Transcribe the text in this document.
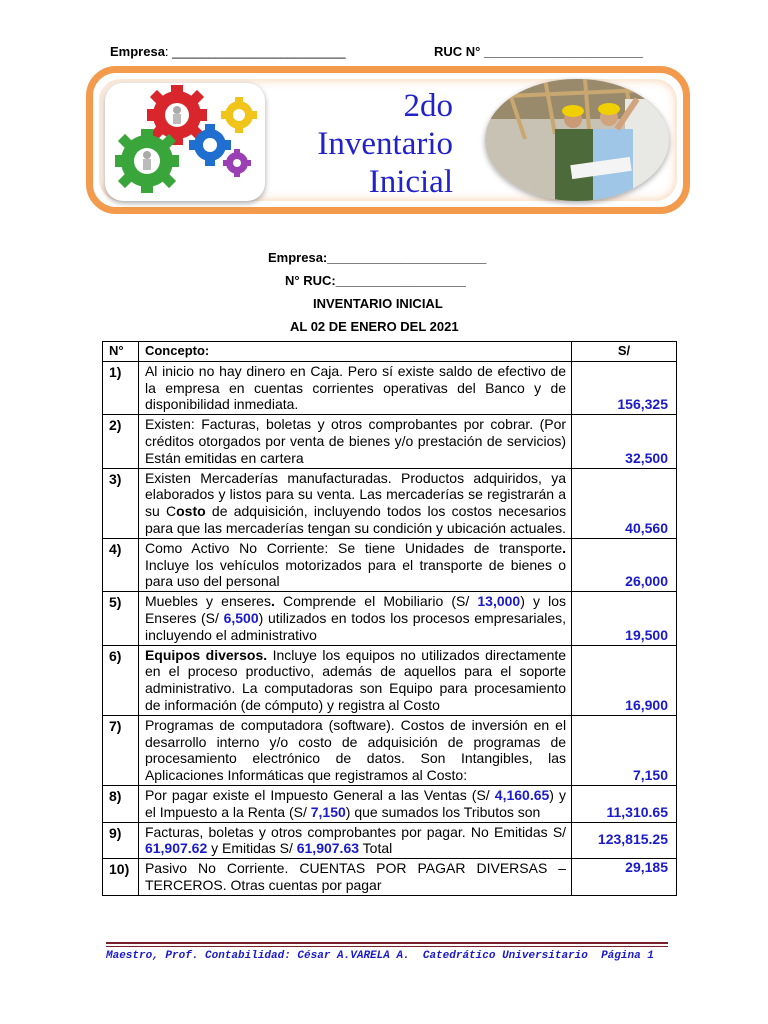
Empresa: ________________________	RUC N° ______________________
2do
Inventario
Inicial
Empresa:______________________
N° RUC:__________________
INVENTARIO INICIAL
AL 02 DE ENERO DEL 2021
N°	Concepto:	S/
1)	Al inicio no hay dinero en Caja. Pero sí existe saldo de efectivo de la empresa en cuentas corrientes operativas del Banco y de disponibilidad inmediata.	156,325
2)	Existen: Facturas, boletas y otros comprobantes por cobrar. (Por créditos otorgados por venta de bienes y/o prestación de servicios) Están emitidas en cartera	32,500
3)	Existen Mercaderías manufacturadas. Productos adquiridos, ya elaborados y listos para su venta. Las mercaderías se registrarán a su Costo de adquisición, incluyendo todos los costos necesarios para que las mercaderías tengan su condición y ubicación actuales.	40,560
4)	Como Activo No Corriente: Se tiene Unidades de transporte. Incluye los vehículos motorizados para el transporte de bienes o para uso del personal	26,000
5)	Muebles y enseres. Comprende el Mobiliario (S/ 13,000) y los Enseres (S/ 6,500) utilizados en todos los procesos empresariales, incluyendo el administrativo	19,500
6)	Equipos diversos. Incluye los equipos no utilizados directamente en el proceso productivo, además de aquellos para el soporte administrativo. La computadoras son Equipo para procesamiento de información (de cómputo) y registra al Costo	16,900
7)	Programas de computadora (software). Costos de inversión en el desarrollo interno y/o costo de adquisición de programas de procesamiento electrónico de datos. Son Intangibles, las Aplicaciones Informáticas que registramos al Costo:	7,150
8)	Por pagar existe el Impuesto General a las Ventas (S/ 4,160.65) y el Impuesto a la Renta (S/ 7,150) que sumados los Tributos son	11,310.65
9)	Facturas, boletas y otros comprobantes por pagar. No Emitidas S/ 61,907.62 y Emitidas S/ 61,907.63 Total	123,815.25
10)	Pasivo No Corriente. CUENTAS POR PAGAR DIVERSAS – TERCEROS. Otras cuentas por pagar	29,185
Maestro, Prof. Contabilidad: César A.VARELA A.  Catedrático Universitario  Página 1
